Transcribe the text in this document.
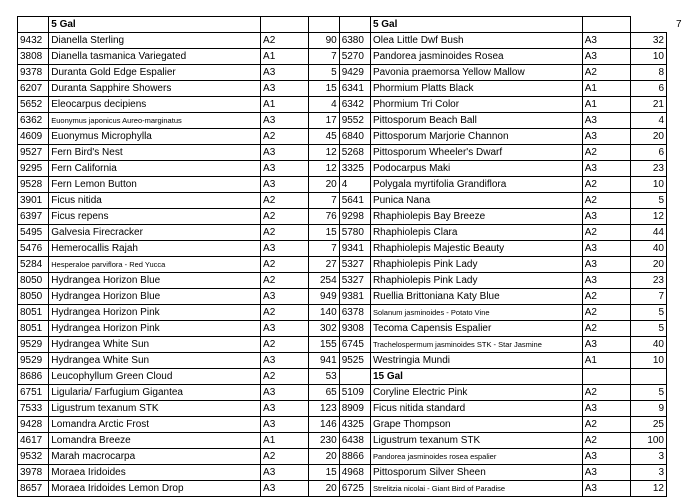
7
	5 Gal				5 Gal		
9432	Dianella Sterling	A2	90	6380	Olea Little Dwf Bush	A3	32
3808	Dianella tasmanica Variegated	A1	7	5270	Pandorea jasminoides Rosea	A3	10
9378	Duranta Gold Edge Espalier	A3	5	9429	Pavonia praemorsa Yellow Mallow	A2	8
6207	Duranta Sapphire Showers	A3	15	6341	Phormium Platts Black	A1	6
5652	Eleocarpus decipiens	A1	4	6342	Phormium Tri Color	A1	21
6362	Euonymus japonicus Aureo-marginatus	A3	17	9552	Pittosporum Beach Ball	A3	4
4609	Euonymus Microphylla	A2	45	6840	Pittosporum Marjorie Channon	A3	20
9527	Fern Bird's Nest	A3	12	5268	Pittosporum Wheeler's Dwarf	A2	6
9295	Fern California	A3	12	3325	Podocarpus Maki	A3	23
9528	Fern Lemon Button	A3	20	4	Polygala myrtifolia Grandiflora	A2	10
3901	Ficus nitida	A2	7	5641	Punica Nana	A2	5
6397	Ficus repens	A2	76	9298	Rhaphiolepis Bay Breeze	A3	12
5495	Galvesia Firecracker	A2	15	5780	Rhaphiolepis Clara	A2	44
5476	Hemerocallis Rajah	A3	7	9341	Rhaphiolepis Majestic Beauty	A3	40
5284	Hesperaloe parviflora - Red Yucca	A2	27	5327	Rhaphiolepis Pink Lady	A3	20
8050	Hydrangea Horizon Blue	A2	254	5327	Rhaphiolepis Pink Lady	A3	23
8050	Hydrangea Horizon Blue	A3	949	9381	Ruellia Brittoniana Katy Blue	A2	7
8051	Hydrangea Horizon Pink	A2	140	6378	Solanum jasminoides - Potato Vine	A2	5
8051	Hydrangea Horizon Pink	A3	302	9308	Tecoma Capensis Espalier	A2	5
9529	Hydrangea White Sun	A2	155	6745	Trachelospermum jasminoides STK - Star Jasmine	A3	40
9529	Hydrangea White Sun	A3	941	9525	Westringia Mundi	A1	10
8686	Leucophyllum Green Cloud	A2	53		15 Gal		
6751	Ligularia/ Farfugium Gigantea	A3	65	5109	Coryline Electric Pink	A2	5
7533	Ligustrum texanum STK	A3	123	8909	Ficus nitida standard	A3	9
9428	Lomandra Arctic Frost	A3	146	4325	Grape Thompson	A2	25
4617	Lomandra Breeze	A1	230	6438	Ligustrum texanum STK	A2	100
9532	Marah macrocarpa	A2	20	8866	Pandorea jasminoides rosea espalier	A3	3
3978	Moraea Iridoides	A3	15	4968	Pittosporum Silver Sheen	A3	3
8657	Moraea Iridoides Lemon Drop	A3	20	6725	Strelitzia nicolai - Giant Bird of Paradise	A3	12
